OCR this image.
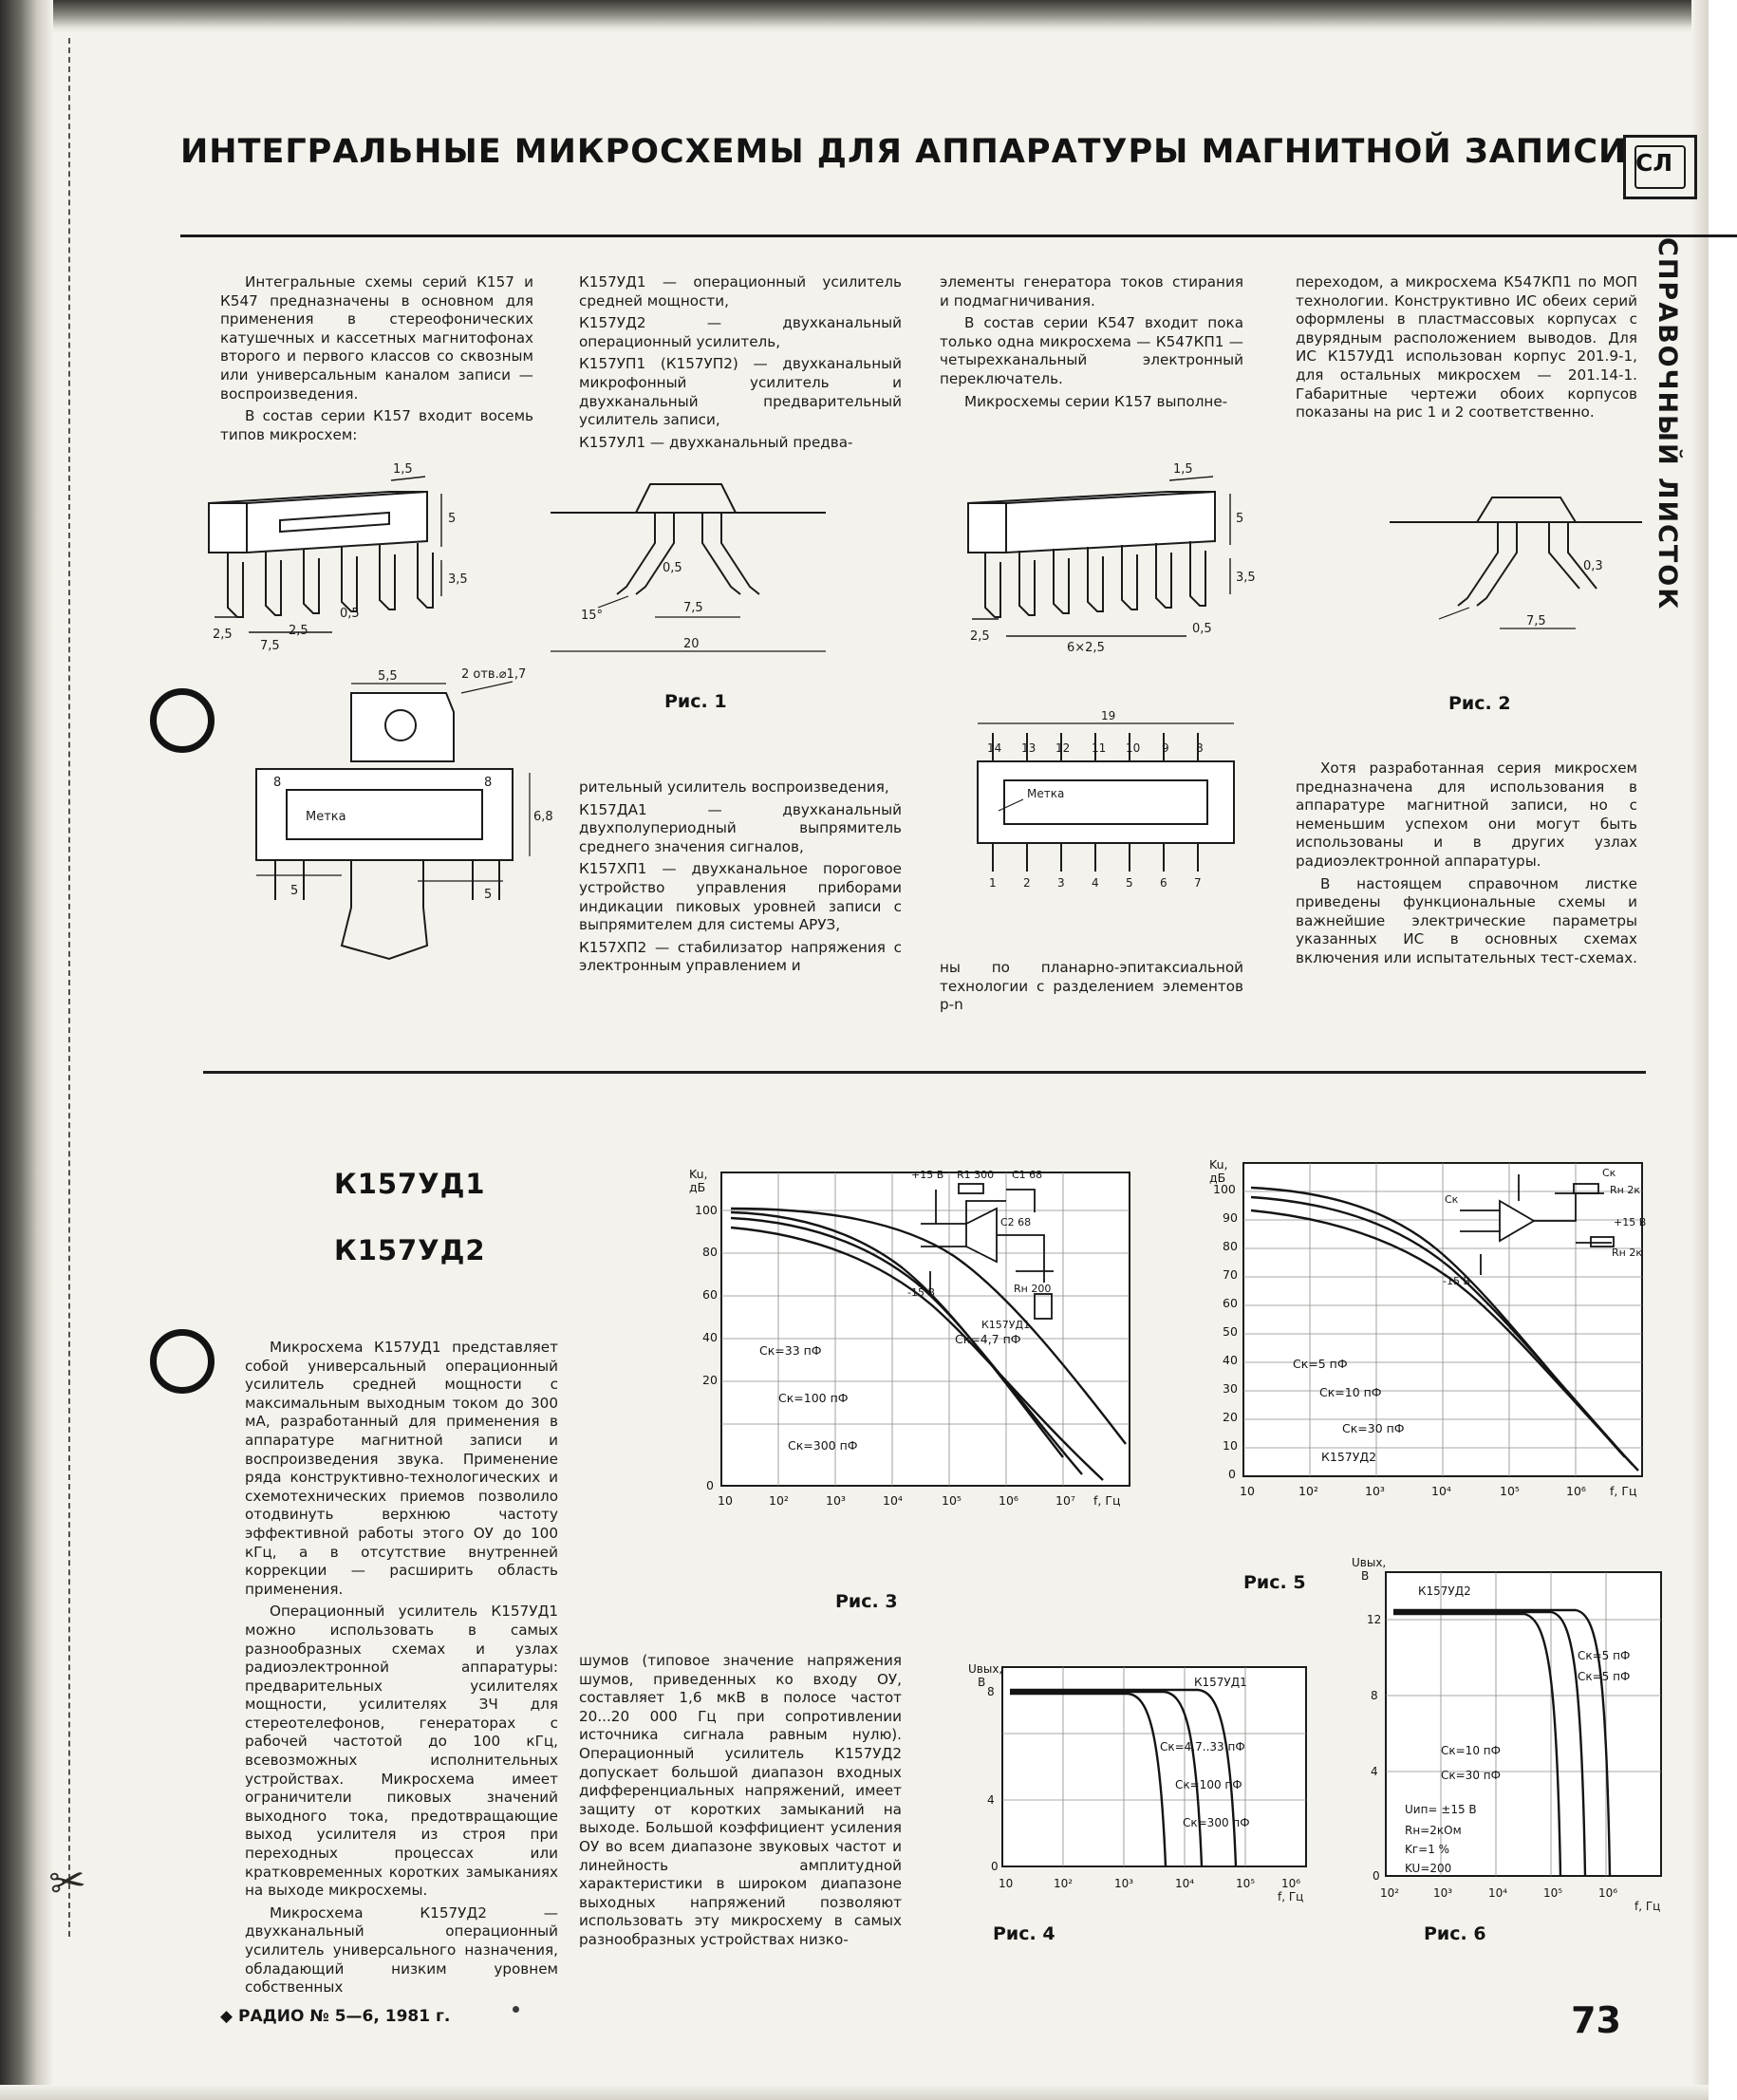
✂
ИНТЕГРАЛЬНЫЕ МИКРОСХЕМЫ ДЛЯ АППАРАТУРЫ МАГНИТНОЙ ЗАПИСИ СЛ
СПРАВОЧНЫЙ ЛИСТОК

Интегральные схемы серий К157 и К547 предназначены в основном для применения в стереофонических катушечных и кассетных магнитофонах второго и первого классов со сквозным или универсальным каналом записи — воспроизведения.

В состав серии К157 входит восемь типов микросхем:

К157УД1 — операционный усилитель средней мощности,

К157УД2 — двухканальный операционный усилитель,

К157УП1 (К157УП2) — двухканальный микрофонный усилитель и двухканальный предварительный усилитель записи,

К157УЛ1 — двухканальный предва-

элементы генератора токов стирания и подмагничивания.

В состав серии К547 входит пока только одна микросхема — К547КП1 — четырехканальный электронный переключатель.

Микросхемы серии К157 выполне-

переходом, а микросхема К547КП1 по МОП технологии. Конструктивно ИС обеих серий оформлены в пластмассовых корпусах с двурядным расположением выводов. Для ИС К157УД1 использован корпус 201.9-1, для остальных микросхем — 201.14-1. Габаритные чертежи обоих корпусов показаны на рис 1 и 2 соответственно.

рительный усилитель воспроизведения,

К157ДА1 — двухканальный двухполупериодный выпрямитель среднего значения сигналов,

К157ХП1 — двухканальное пороговое устройство управления приборами индикации пиковых уровней записи с выпрямителем для системы АРУЗ,

К157ХП2 — стабилизатор напряжения с электронным управлением и	ны по планарно-эпитаксиальной технологии с разделением элементов p-n

Хотя разработанная серия микросхем предназначена для использования в аппаратуре магнитной записи, но с неменьшим успехом они могут быть использованы и в других узлах радиоэлектронной аппаратуры.

В настоящем справочном листке приведены функциональные схемы и важнейшие электрические параметры указанных ИС в основных схемах включения или испытательных тест-схемах.

1,5
5
3,5
2,5
7,5
2,5
0,5
0,5
15°
7,5
20
Рис. 1
1,5
5
3,5
2,5
6×2,5
0,5
0,3
7,5
Рис. 2
5,5	2 отв.⌀1,7
6,8
8	8
5	5
Метка
19
14 13 12 11 10 9 8
1 2 3 4 5 6 7
Метка
К157УД1
К157УД2

Микросхема К157УД1 представляет собой универсальный операционный усилитель средней мощности с максимальным выходным током до 300 мА, разработанный для применения в аппаратуре магнитной записи и воспроизведения звука. Применение ряда конструктивно-технологических и схемотехнических приемов позволило отодвинуть верхнюю частоту эффективной работы этого ОУ до 100 кГц, а в отсутствие внутренней коррекции — расширить область применения.

Операционный усилитель К157УД1 можно использовать в самых разнообразных схемах и узлах радиоэлектронной аппаратуры: предварительных усилителях мощности, усилителях ЗЧ для стереотелефонов, генераторах с рабочей частотой до 100 кГц, всевозможных исполнительных устройствах. Микросхема имеет ограничители пиковых значений выходного тока, предотвращающие выход усилителя из строя при переходных процессах или кратковременных коротких замыканиях на выходе микросхемы.

Микросхема К157УД2 — двухканальный операционный усилитель универсального назначения, обладающий низким уровнем собственных

шумов (типовое значение напряжения шумов, приведенных ко входу ОУ, составляет 1,6 мкВ в полосе частот 20...20 000 Гц при сопротивлении источника сигнала равным нулю). Операционный усилитель К157УД2 допускает большой диапазон входных дифференциальных напряжений, имеет защиту от коротких замыканий на выходе. Большой коэффициент усиления ОУ во всем диапазоне звуковых частот и линейность амплитудной характеристики в широком диапазоне выходных напряжений позволяют использовать эту микросхему в самых разнообразных устройствах низко-

Ku,
дБ
100
80
60
40
20
0
10	10²	10³	10⁴	10⁵	10⁶	10⁷ f, Гц
Cк=33 пФ
Cк=100 пФ
Cк=300 пФ
Cк=4,7 пФ
+15 В R1 300 C1 68
C2 68
-15 В	Rн 200
К157УД1
Рис. 3
Ku,
дБ
100
90
80
70
60
50
40
30
20
10
0
10	10²	10³	10⁴	10⁵	10⁶ f, Гц
Cк=5 пФ
Cк=10 пФ
Cк=30 пФ
К157УД2
Cк
Rн 2к
Cк
+15 В
Rн 2к
-15 В
Рис. 5
Uвых,
В
8
4
0
10	10²	10³	10⁴	10⁵ 10⁶
f, Гц
К157УД1
Cк=4,7..33 пФ
Cк=100 пФ
Cк=300 пФ
Рис. 4
Uвых,
В
12
8
4
0
10²	10³	10⁴	10⁵	10⁶
f, Гц
К157УД2
Cк=5 пФ
Cк=5 пФ
Cк=10 пФ
Cк=30 пФ
Uип= ±15 В
Rн=2кОм
Kг=1 %
KU=200
Рис. 6
◆ РАДИО № 5—6, 1981 г.	73
